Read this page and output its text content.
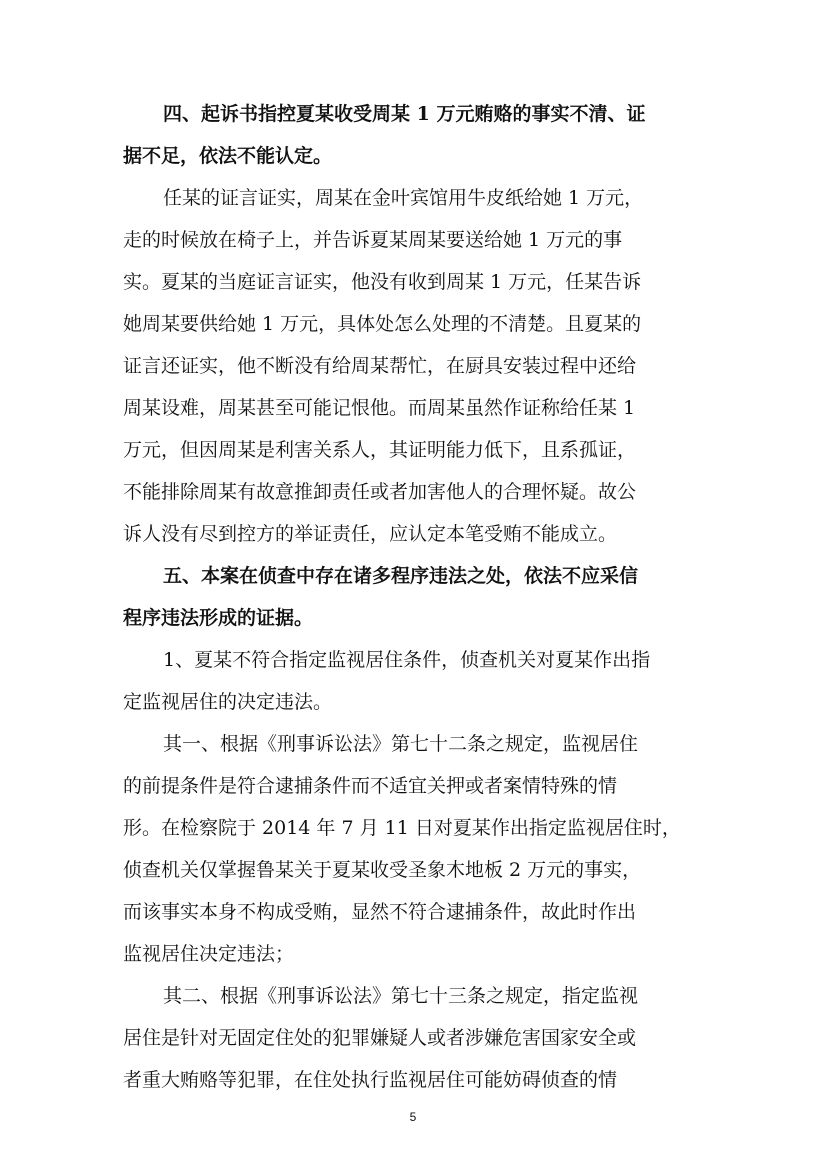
四、起诉书指控夏某收受周某 1 万元贿赂的事实不清、证
据不足，依法不能认定。
任某的证言证实，周某在金叶宾馆用牛皮纸给她 1 万元，
走的时候放在椅子上，并告诉夏某周某要送给她 1 万元的事
实。夏某的当庭证言证实，他没有收到周某 1 万元，任某告诉
她周某要供给她 1 万元，具体处怎么处理的不清楚。且夏某的
证言还证实，他不断没有给周某帮忙，在厨具安装过程中还给
周某设难，周某甚至可能记恨他。而周某虽然作证称给任某 1
万元，但因周某是利害关系人，其证明能力低下，且系孤证，
不能排除周某有故意推卸责任或者加害他人的合理怀疑。故公
诉人没有尽到控方的举证责任，应认定本笔受贿不能成立。
五、本案在侦查中存在诸多程序违法之处，依法不应采信
程序违法形成的证据。
1、夏某不符合指定监视居住条件，侦查机关对夏某作出指
定监视居住的决定违法。
其一、根据《刑事诉讼法》第七十二条之规定，监视居住
的前提条件是符合逮捕条件而不适宜关押或者案情特殊的情
形。在检察院于 2014 年 7 月 11 日对夏某作出指定监视居住时，
侦查机关仅掌握鲁某关于夏某收受圣象木地板 2 万元的事实，
而该事实本身不构成受贿，显然不符合逮捕条件，故此时作出
监视居住决定违法；
其二、根据《刑事诉讼法》第七十三条之规定，指定监视
居住是针对无固定住处的犯罪嫌疑人或者涉嫌危害国家安全或
者重大贿赂等犯罪，在住处执行监视居住可能妨碍侦查的情
5
